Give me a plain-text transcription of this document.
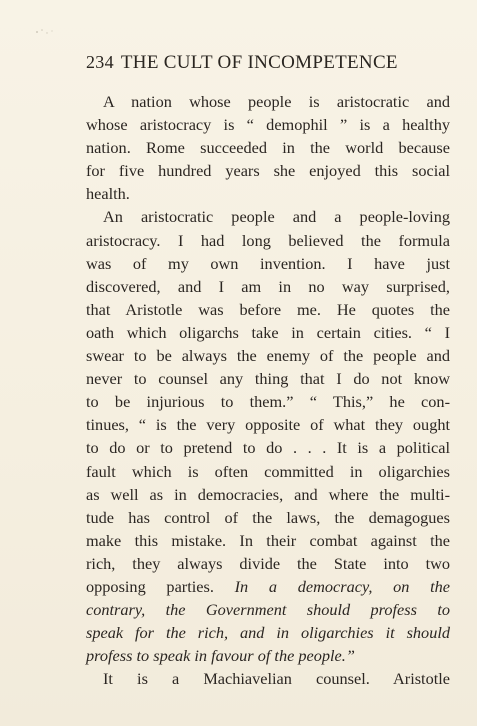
234 THE CULT OF INCOMPETENCE
A nation whose people is aristocratic and
whose aristocracy is “ demophil ” is a healthy
nation. Rome succeeded in the world because
for five hundred years she enjoyed this social
health.
An aristocratic people and a people-loving
aristocracy. I had long believed the formula
was of my own invention. I have just
discovered, and I am in no way surprised,
that Aristotle was before me. He quotes the
oath which oligarchs take in certain cities. “ I
swear to be always the enemy of the people and
never to counsel any thing that I do not know
to be injurious to them.” “ This,” he con-
tinues, “ is the very opposite of what they ought
to do or to pretend to do . . . It is a political
fault which is often committed in oligarchies
as well as in democracies, and where the multi-
tude has control of the laws, the demagogues
make this mistake. In their combat against the
rich, they always divide the State into two
opposing parties. In a democracy, on the
contrary, the Government should profess to
speak for the rich, and in oligarchies it should
profess to speak in favour of the people.”
It is a Machiavelian counsel. Aristotle
